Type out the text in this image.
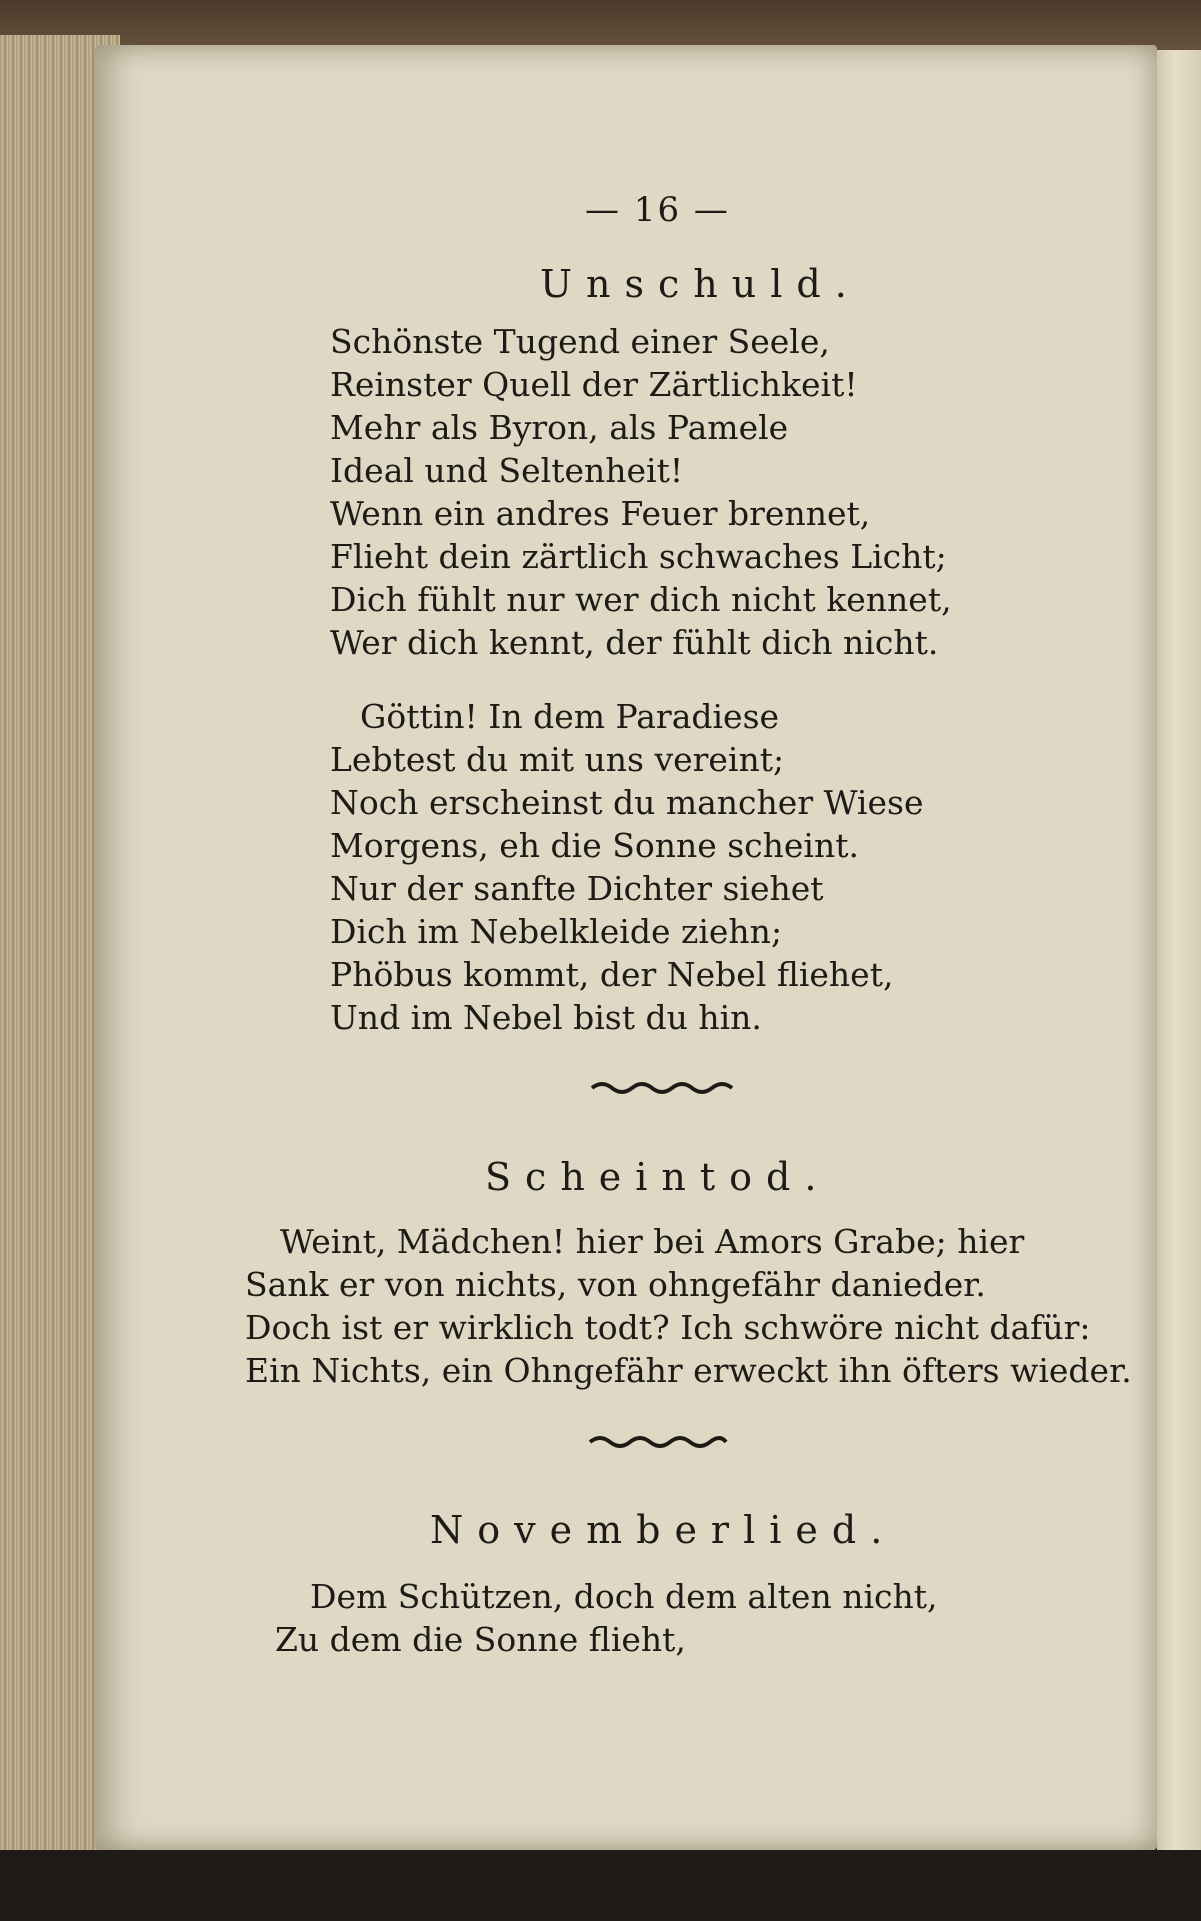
— 16 —
Unschuld.
Schönste Tugend einer Seele,
Reinster Quell der Zärtlichkeit!
Mehr als Byron, als Pamele
Ideal und Seltenheit!
Wenn ein andres Feuer brennet,
Flieht dein zärtlich schwaches Licht;
Dich fühlt nur wer dich nicht kennet,
Wer dich kennt, der fühlt dich nicht.
Göttin! In dem Paradiese
Lebtest du mit uns vereint;
Noch erscheinst du mancher Wiese
Morgens, eh die Sonne scheint.
Nur der sanfte Dichter siehet
Dich im Nebelkleide ziehn;
Phöbus kommt, der Nebel fliehet,
Und im Nebel bist du hin.
Scheintod.
Weint, Mädchen! hier bei Amors Grabe; hier
Sank er von nichts, von ohngefähr danieder.
Doch ist er wirklich todt? Ich schwöre nicht dafür:
Ein Nichts, ein Ohngefähr erweckt ihn öfters wieder.
Novemberlied.
Dem Schützen, doch dem alten nicht,
Zu dem die Sonne flieht,
